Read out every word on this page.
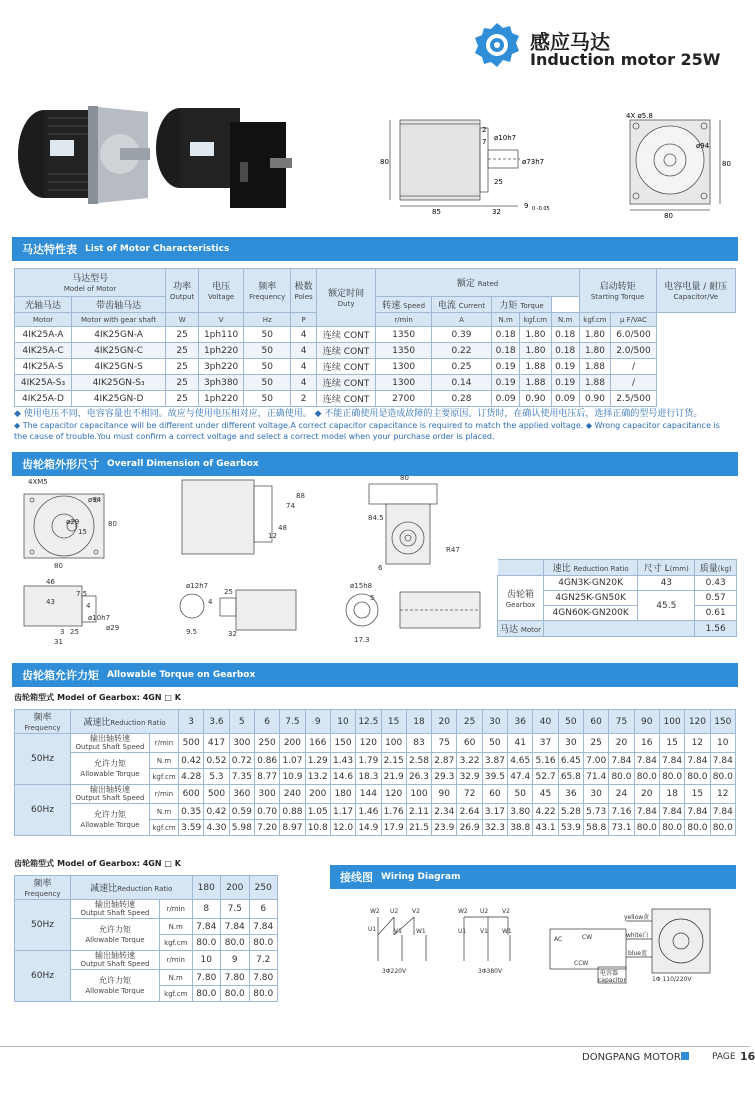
感应马达
Induction motor 25W
80
85	32
2
7 ø10h7
ø73h7
25
9 0 -0.05
4X ø5.8
ø94
80
80
马达特性表 List of Motor Characteristics
马达型号
Model of Motor		功率
Output	电压
Voltage	频率
Frequency	极数
Poles	额定时间
Duty	额定 Rated					启动转矩
Starting Torque		电容电量 / 耐压
Capacitor/Ve
光轴马达	带齿轴马达						转速 Speed	电流 Current	力矩 Torque				
Motor	Motor with gear shaft	W	V	Hz	P		r/min	A	N.m	kgf.cm	N.m	kgf.cm	μ F/VAC	
4IK25A-A	4IK25GN-A	25	1ph110	50	4	连续 CONT	1350	0.39	0.18	1.80	0.18	1.80	6.0/500	
4IK25A-C	4IK25GN-C	25	1ph220	50	4	连续 CONT	1350	0.22	0.18	1.80	0.18	1.80	2.0/500	
4IK25A-S	4IK25GN-S	25	3ph220	50	4	连续 CONT	1300	0.25	0.19	1.88	0.19	1.88	/	
4IK25A-S₃	4IK25GN-S₃	25	3ph380	50	4	连续 CONT	1300	0.14	0.19	1.88	0.19	1.88	/	
4IK25A-D	4IK25GN-D	25	1ph220	50	2	连续 CONT	2700	0.28	0.09	0.90	0.09	0.90	2.5/500	
◆ 使用电压不同，电容容量也不相同。故应与使用电压相对应，正确使用。 ◆ 不能正确使用是造成故障的主要原因。订货时，在确认使用电压后，选择正确的型号进行订货。
◆ The capacitor capacitance will be different under different voltage.A correct capacitor capacitance is required to match the applied voltage. ◆ Wrong capacitor capacitance is the cause of trouble.You must confirm a correct voltage and select a correct model when your purchase order is placed.
齿轮箱外形尺寸 Overall Dimension of Gearbox
4XM5
ø94
ø29
15
80
80
74
88
48
12
80
84.5
R47
6
46
43
7.5
4
ø10h7
ø29
3 25
31
ø12h7
4
9.5
25
32
ø15h8
5
17.3
	速比 Reduction Ratio	尺寸 L(mm)	质量(kg)
齿轮箱
Gearbox	4GN3K-GN20K	43	0.43
	4GN25K-GN50K	45.5	0.57
	4GN60K-GN200K		0.61
马达 Motor			1.56
齿轮箱允许力矩 Allowable Torque on Gearbox
齿轮箱型式 Model of Gearbox: 4GN □ K
频率Frequency	减速比Reduction Ratio		3	3.6	5	6	7.5	9	10	12.5	15	18	20	25	30	36	40	50	60	75	90	100	120	150
50Hz	输出轴转速
Output Shaft Speed	r/min	500	417	300	250	200	166	150	120	100	83	75	60	50	41	37	30	25	20	16	15	12	10

	允许力矩
Allowable Torque	N.m	0.42	0.52	0.72	0.86	1.07	1.29	1.43	1.79	2.15	2.58	2.87	3.22	3.87	4.65	5.16	6.45	7.00	7.84	7.84	7.84	7.84	7.84
		kgf.cm	4.28	5.3	7.35	8.77	10.9	13.2	14.6	18.3	21.9	26.3	29.3	32.9	39.5	47.4	52.7	65.8	71.4	80.0	80.0	80.0	80.0	80.0
60Hz	输出轴转速
Output Shaft Speed	r/min	600	500	360	300	240	200	180	144	120	100	90	72	60	50	45	36	30	24	20	18	15	12

	允许力矩
Allowable Torque	N.m	0.35	0.42	0.59	0.70	0.88	1.05	1.17	1.46	1.76	2.11	2.34	2.64	3.17	3.80	4.22	5.28	5.73	7.16	7.84	7.84	7.84	7.84
		kgf.cm	3.59	4.30	5.98	7.20	8.97	10.8	12.0	14.9	17.9	21.5	23.9	26.9	32.3	38.8	43.1	53.9	58.8	73.1	80.0	80.0	80.0	80.0
齿轮箱型式 Model of Gearbox: 4GN □ K
频率Frequency	减速比Reduction Ratio		180	200	250
50Hz	输出轴转速
Output Shaft Speed	r/min	8	7.5	6

	允许力矩
Allowable Torque	N.m	7.84	7.84	7.84
		kgf.cm	80.0	80.0	80.0
60Hz	输出轴转速
Output Shaft Speed	r/min	10	9	7.2

	允许力矩
Allowable Torque	N.m	7.80	7.80	7.80
		kgf.cm	80.0	80.0	80.0
接线图 Wiring Diagram
W2 U2 V2
U1	V1 W1
3Φ220V
W2 U2 V2
U1 V1 W1
3Φ380V
AC	CW
CCW
yellow黄
white白
blue蓝
电容器
capacitor	1Φ 110/220V
DONGPANG MOTOR	PAGE 16
